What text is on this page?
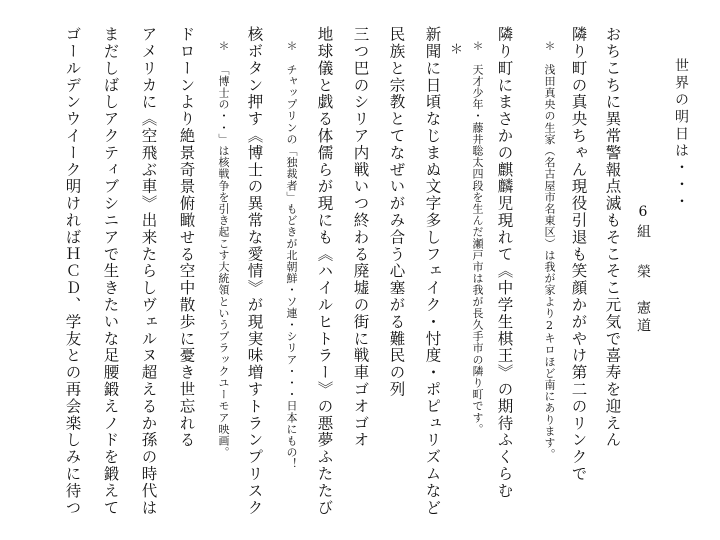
世界の明日は・・・
6組榮　憲道
おちこちに異常警報点滅もそこそこ元気で喜寿を迎えん
隣り町の真央ちゃん現役引退も笑顔かがやけ第二のリンクで
＊浅田真央の生家（名古屋市名東区）は我が家より2キロほど南にあります。
隣り町にまさかの麒麟児現れて《中学生棋王》の期待ふくらむ
＊天才少年・藤井聡太四段を生んだ瀬戸市は我が長久手市の隣り町です。
＊
新聞に日頃なじまぬ文字多しフェイク・忖度・ポピュリズムなど
民族と宗教とてなぜいがみ合う心塞がる難民の列
三つ巴のシリア内戦いつ終わる廃墟の街に戦車ゴオゴオ
地球儀と戯る体儒らが現にも《ハイルヒトラー》の悪夢ふたたび
＊チャップリンの「独裁者」もどきが北朝鮮・ソ連・シリア・・・日本にもの！
核ボタン押す《博士の異常な愛情》が現実味増すトランプリスク
＊「博士の・・」は核戦争を引き起こす大統領というブラックユーモア映画。
ドローンより絶景奇景俯瞰せる空中散歩に憂き世忘れる
アメリカに《空飛ぶ車》出来たらしヴェルヌ超えるか孫の時代は
まだしばしアクティブシニアで生きたいな足腰鍛えノドを鍛えて
ゴールデンウイーク明ければＨＣＤ、学友との再会楽しみに待つ
